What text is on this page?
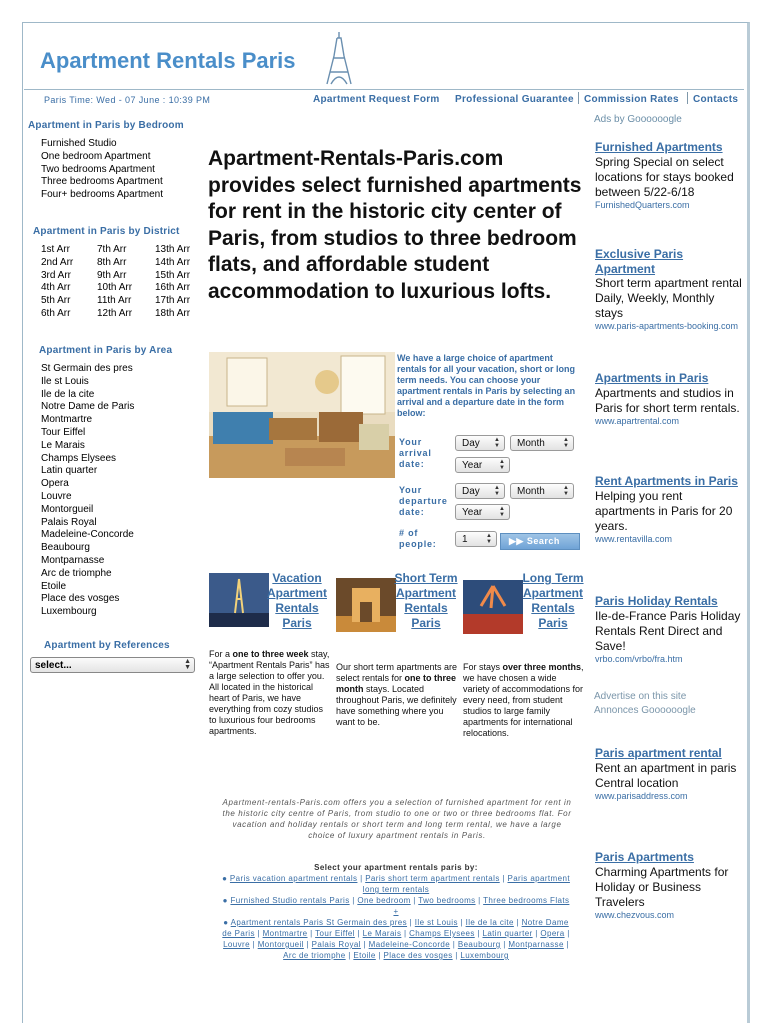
Apartment Rentals Paris
Paris Time: Wed - 07 June : 10:39 PM	Apartment Request Form Professional Guarantee Commission Rates Contacts
Ads by Goooooogle
Apartment in Paris by Bedroom
Furnished Studio
One bedroom Apartment
Two bedrooms Apartment
Three bedrooms Apartment
Four+ bedrooms Apartment
Apartment in Paris by District
1st Arr	7th Arr	13th Arr
2nd Arr	8th Arr	14th Arr
3rd Arr	9th Arr	15th Arr
4th Arr	10th Arr	16th Arr
5th Arr	11th Arr	17th Arr
6th Arr	12th Arr	18th Arr
Apartment in Paris by Area
St Germain des pres
Ile st Louis
Ile de la cite
Notre Dame de Paris
Montmartre
Tour Eiffel
Le Marais
Champs Elysees
Latin quarter
Opera
Louvre
Montorgueil
Palais Royal
Madeleine-Concorde
Beaubourg
Montparnasse
Arc de triomphe
Etoile
Place des vosges
Luxembourg
Apartment by References
select...	▲
▼
Apartment-Rentals-Paris.com provides select furnished apartments for rent in the historic city center of Paris, from studios to three bedroom flats, and affordable student accommodation to luxurious lofts.
We have a large choice of apartment rentals for all your vacation, short or long term needs. You can choose your apartment rentals in Paris by selecting an arrival and a departure date in the form below:
Your arrival date:
Day	▲
▼	Month	▲
▼
Year	▲
▼
Your departure date:
Day	▲
▼	Month	▲
▼
Year	▲
▼
# of people:	1	▲
▼	▶▶ Search
Vacation Apartment Rentals Paris
Short Term Apartment Rentals Paris
Long Term Apartment Rentals Paris
For a one to three week stay, “Apartment Rentals Paris” has a large selection to offer you. All located in the historical heart of Paris, we have everything from cozy studios to luxurious four bedrooms apartments.
Our short term apartments are select rentals for one to three month stays. Located throughout Paris, we definitely have something where you want to be.
For stays over three months, we have chosen a wide variety of accommodations for every need, from student studios to large family apartments for international relocations.
Apartment-rentals-Paris.com offers you a selection of furnished apartment for rent in the historic city centre of Paris, from studio to one or two or three bedrooms flat. For vacation and holiday rentals or short term and long term rental, we have a large choice of luxury apartment rentals in Paris.
Select your apartment rentals paris by:
● Paris vacation apartment rentals | Paris short term apartment rentals | Paris apartment long term rentals
● Furnished Studio rentals Paris | One bedroom | Two bedrooms | Three bedrooms Flats +
● Apartment rentals Paris St Germain des pres | Ile st Louis | Ile de la cite | Notre Dame de Paris | Montmartre | Tour Eiffel | Le Marais | Champs Elysees | Latin quarter | Opera | Louvre | Montorgueil | Palais Royal | Madeleine-Concorde | Beaubourg | Montparnasse | Arc de triomphe | Etoile | Place des vosges | Luxembourg
Furnished Apartments
Spring Special on select locations for stays booked between 5/22-6/18
FurnishedQuarters.com
Exclusive Paris Apartment
Short term apartment rental Daily, Weekly, Monthly stays
www.paris-apartments-booking.com
Apartments in Paris
Apartments and studios in Paris for short term rentals.
www.apartrental.com
Rent Apartments in Paris
Helping you rent apartments in Paris for 20 years.
www.rentavilla.com
Paris Holiday Rentals
Ile-de-France Paris Holiday Rentals Rent Direct and Save!
vrbo.com/vrbo/fra.htm
Advertise on this site
Annonces Goooooogle
Paris apartment rental
Rent an apartment in paris Central location
www.parisaddress.com
Paris Apartments
Charming Apartments for Holiday or Business Travelers
www.chezvous.com
